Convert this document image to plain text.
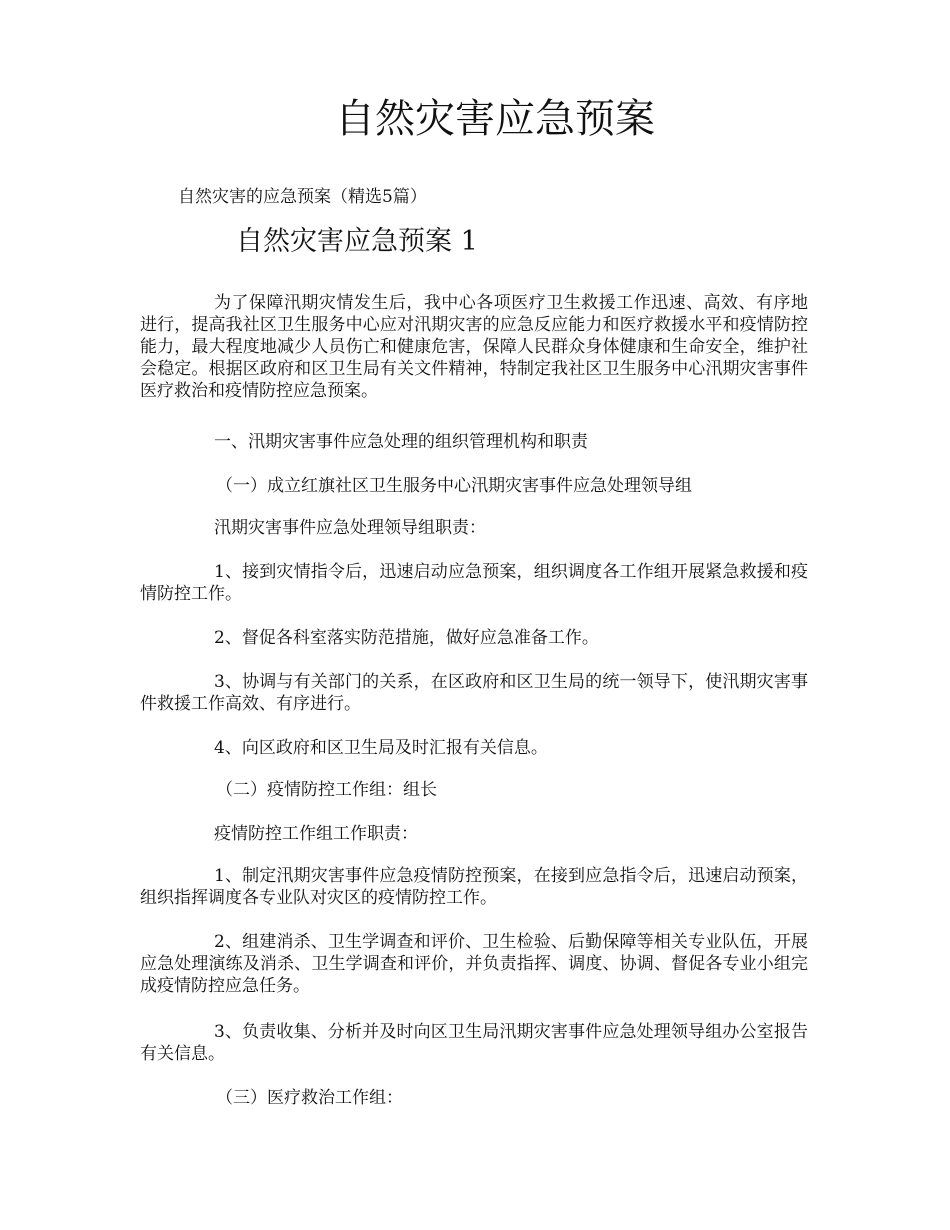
自然灾害应急预案

自然灾害的应急预案（精选5篇）

自然灾害应急预案 1

为了保障汛期灾情发生后，我中心各项医疗卫生救援工作迅速、高效、有序地进行，提高我社区卫生服务中心应对汛期灾害的应急反应能力和医疗救援水平和疫情防控能力，最大程度地减少人员伤亡和健康危害，保障人民群众身体健康和生命安全，维护社会稳定。根据区政府和区卫生局有关文件精神，特制定我社区卫生服务中心汛期灾害事件医疗救治和疫情防控应急预案。

一、汛期灾害事件应急处理的组织管理机构和职责

（一）成立红旗社区卫生服务中心汛期灾害事件应急处理领导组

汛期灾害事件应急处理领导组职责：

1、接到灾情指令后，迅速启动应急预案，组织调度各工作组开展紧急救援和疫情防控工作。

2、督促各科室落实防范措施，做好应急准备工作。

3、协调与有关部门的关系，在区政府和区卫生局的统一领导下，使汛期灾害事件救援工作高效、有序进行。

4、向区政府和区卫生局及时汇报有关信息。

（二）疫情防控工作组：组长

疫情防控工作组工作职责：

1、制定汛期灾害事件应急疫情防控预案，在接到应急指令后，迅速启动预案，组织指挥调度各专业队对灾区的疫情防控工作。

2、组建消杀、卫生学调查和评价、卫生检验、后勤保障等相关专业队伍，开展应急处理演练及消杀、卫生学调查和评价，并负责指挥、调度、协调、督促各专业小组完成疫情防控应急任务。

3、负责收集、分析并及时向区卫生局汛期灾害事件应急处理领导组办公室报告有关信息。

（三）医疗救治工作组：
